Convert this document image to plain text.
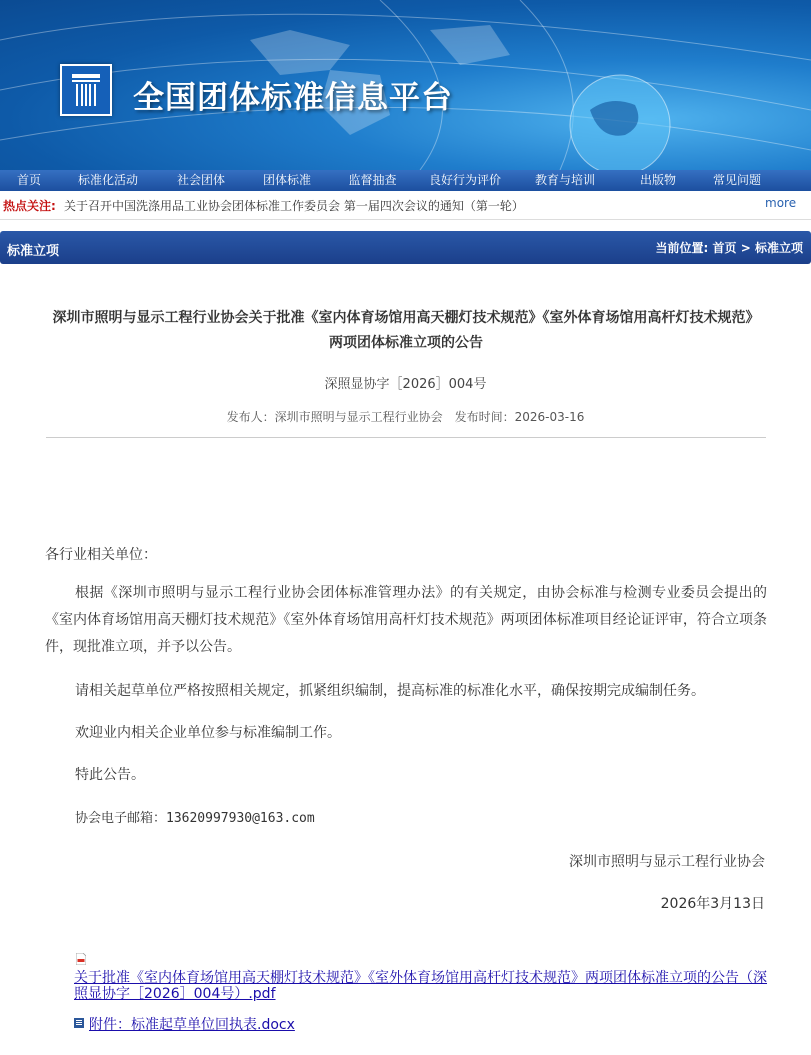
全国团体标准信息平台
首页	标准化活动	社会团体	团体标准	监督抽查	良好行为评价	教育与培训	出版物	常见问题
热点关注: 关于召开中国洗涤用品工业协会团体标准工作委员会 第一届四次会议的通知（第一轮）	more
标准立项	当前位置: 首页 > 标准立项
深圳市照明与显示工程行业协会关于批准《室内体育场馆用高天棚灯技术规范》《室外体育场馆用高杆灯技术规范》两项团体标准立项的公告
深照显协字［2026］004号
发布人：深圳市照明与显示工程行业协会　发布时间：2026-03-16
各行业相关单位：
根据《深圳市照明与显示工程行业协会团体标准管理办法》的有关规定，由协会标准与检测专业委员会提出的《室内体育场馆用高天棚灯技术规范》《室外体育场馆用高杆灯技术规范》两项团体标准项目经论证评审，符合立项条件，现批准立项，并予以公告。
请相关起草单位严格按照相关规定，抓紧组织编制，提高标准的标准化水平，确保按期完成编制任务。
欢迎业内相关企业单位参与标准编制工作。
特此公告。
协会电子邮箱：13620997930@163.com
深圳市照明与显示工程行业协会
2026年3月13日
关于批准《室内体育场馆用高天棚灯技术规范》《室外体育场馆用高杆灯技术规范》两项团体标准立项的公告（深照显协字［2026］004号）.pdf
附件：标准起草单位回执表.docx
